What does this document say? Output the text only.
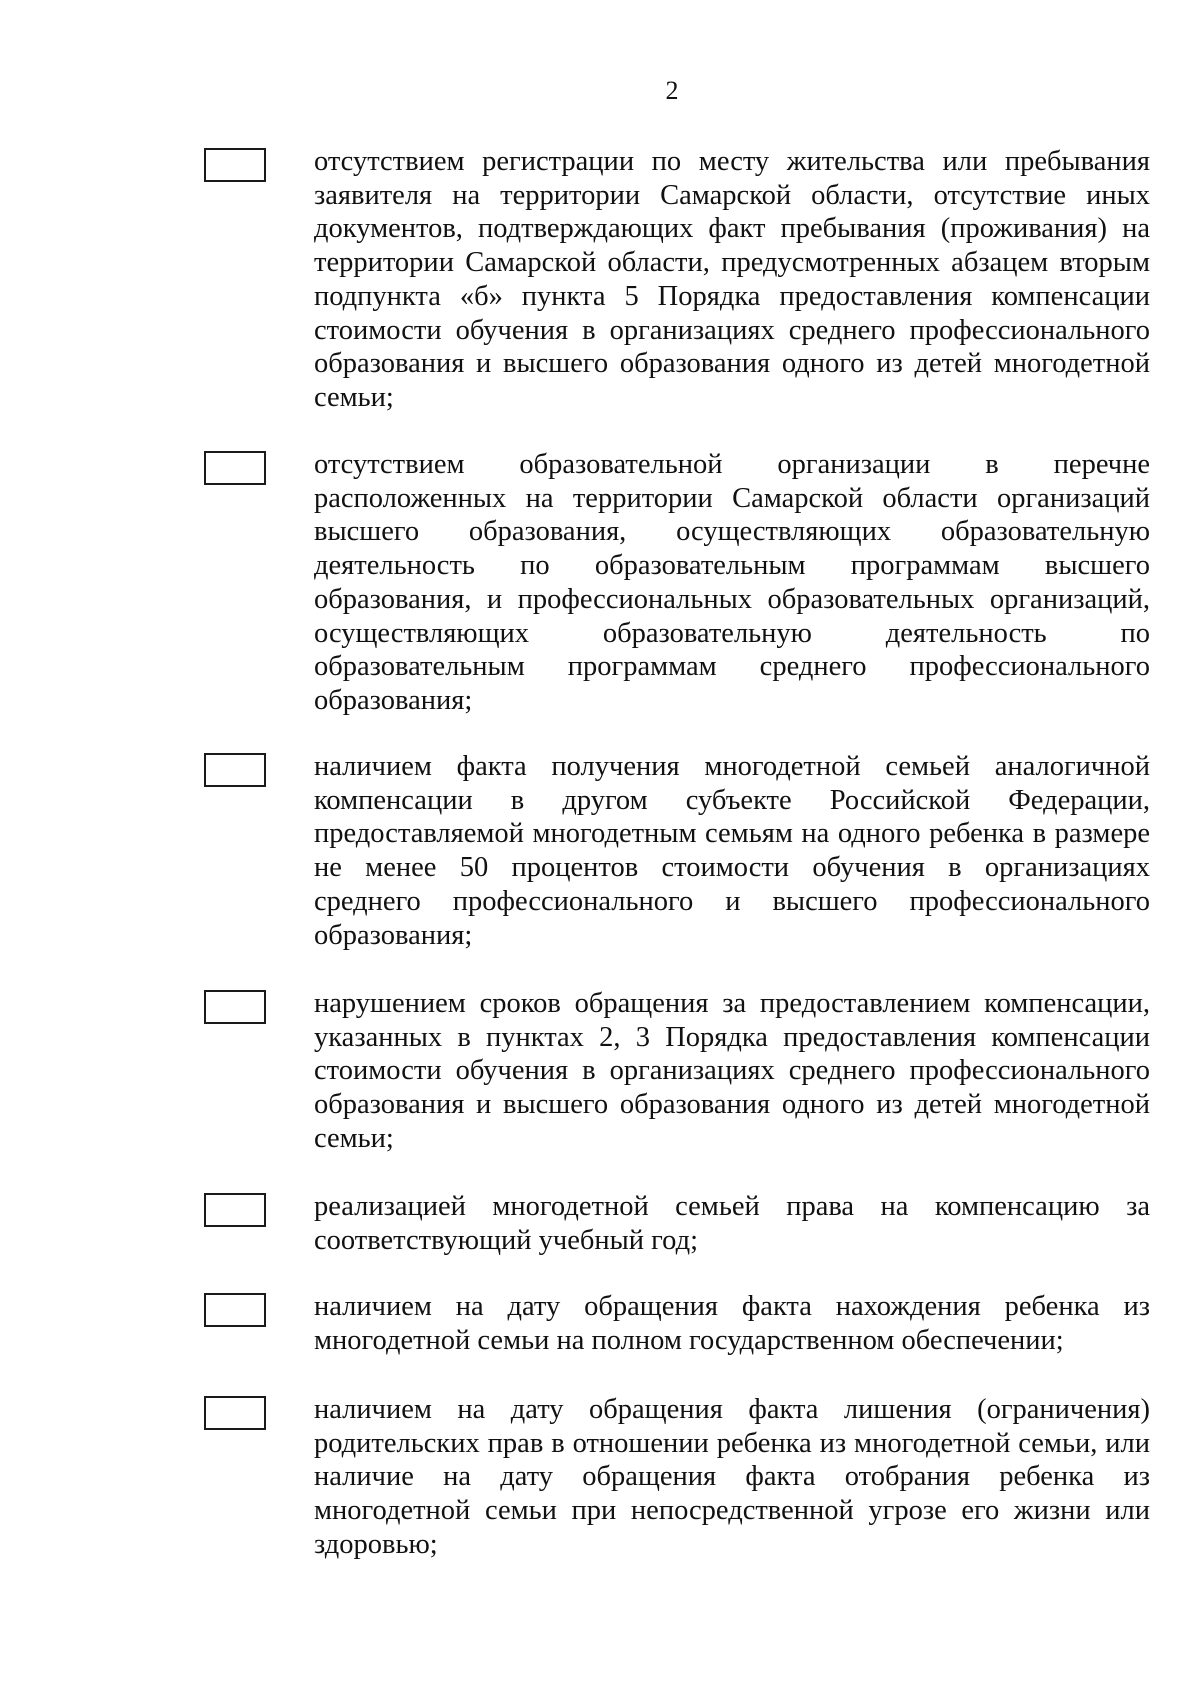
2

отсутствием регистрации по месту жительства или пребывания заявителя на территории Самарской области, отсутствие иных документов, подтверждающих факт пребывания (проживания) на территории Самарской области, предусмотренных абзацем вторым подпункта «б» пункта 5 Порядка предоставления компенсации стоимости обучения в организациях среднего профессионального образования и высшего образования одного из детей многодетной семьи;

отсутствием образовательной организации в перечне расположенных на территории Самарской области организаций высшего образования, осуществляющих образовательную деятельность по образовательным программам высшего образования, и профессиональных образовательных организаций, осуществляющих образовательную деятельность по образовательным программам среднего профессионального образования;

наличием факта получения многодетной семьей аналогичной компенсации в другом субъекте Российской Федерации, предоставляемой многодетным семьям на одного ребенка в размере не менее 50 процентов стоимости обучения в организациях среднего профессионального и высшего профессионального образования;

нарушением сроков обращения за предоставлением компенсации, указанных в пунктах 2, 3 Порядка предоставления компенсации стоимости обучения в организациях среднего профессионального образования и высшего образования одного из детей многодетной семьи;

реализацией многодетной семьей права на компенсацию за соответствующий учебный год;

наличием на дату обращения факта нахождения ребенка из многодетной семьи на полном государственном обеспечении;

наличием на дату обращения факта лишения (ограничения) родительских прав в отношении ребенка из многодетной семьи, или наличие на дату обращения факта отобрания ребенка из многодетной семьи при непосредственной угрозе его жизни или здоровью;
